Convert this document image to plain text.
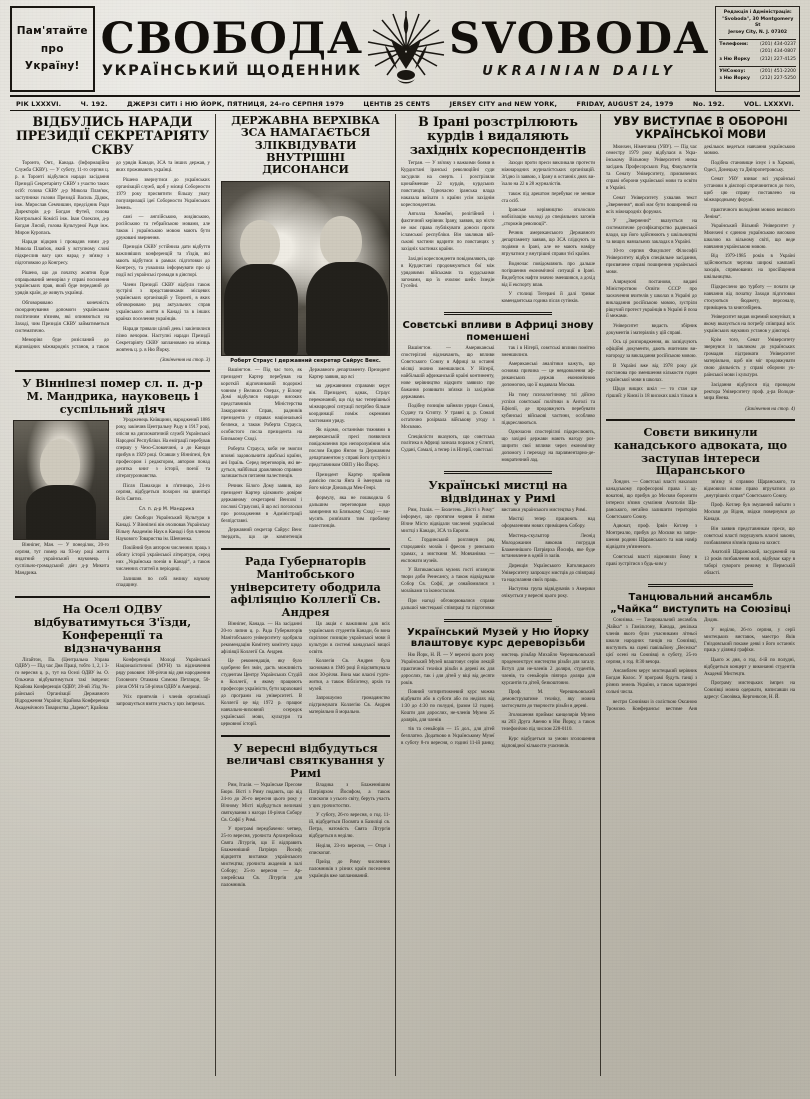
Пам'ятайте
про
Україну!
СВОБОДА
УКРАЇНСЬКИЙ ЩОДЕННИК
SVOBODA
UKRAINIAN DAILY
Редакція і Адміністрація:
"Svoboda", 30 Montgomery St
Jersey City, N. J. 07302
Телефони:	(201) 434-0237
(201) 434-0807
з Ню Йорку (212) 227-4125
УНСоюзу:	(201) 451-2200
з Ню Йорку (212) 227-5250
РІК LXXXVI.	Ч. 192.	ДЖЕРЗІ СИТІ і НЮ ЙОРК, ПЯТНИЦЯ, 24-го СЕРПНЯ 1979	ЦЕНТІВ 25 CENTS	JERSEY CITY and NEW YORK,	FRIDAY, AUGUST 24, 1979	No. 192.	VOL. LXXXVI.
ВІДБУЛИСЬ НАРАДИ ПРЕЗИДІЇ СЕКРЕТАРІЯТУ СКВУ

Торонто, Онт., Канада. (Інформаційна Служба СКВУ). — У суботу, 11-го серпня ц. р. в Торонті відбулися наради засідання Президії Секретаріяту СКВУ з участю таких осіб: голова СКВУ д-р Микола Плав'юк, заступники голови Президії Василь Дідюк, інж. Мирослав Семчишин, предсідник Ради Директорів д-р Богдан Футей, голова Контрольної Комісії інж. Іван Олексин, д-р Богдан Лисий, голова Культурної Ради інж. Мирон Куропась.

Наради відкрив і провадив ними д-р Микола Плав'юк, який у вступному слові підкреслив вагу цих нарад у зв'язку з підготовкою до Конгресу.

Рішено, що до початку жовтня буде опрацьований меморіял у справі посилення українських прав, який буде переданий до урядів країн, де живуть українці.

Обговорювано конечність скоординування допомоги українським політичним в'язням, які опиняються на Заході, чим Президія СКВУ займатиметься систематично.

Меморіял буде розісланий до відповідних міжнародніх установ, а також до урядів Канади, ЗСА та інших держав, у яких проживають українці.

Рішено звернутися до українських організацій служб, щоб у місяці Соборности 1979 року присвятити більшу увагу популяризації ідеї Соборности Українських Земель.

самі — англійською, жидівською, російською та гебрайською мовами, але також і українською мовою мають бути друковані звернення.

Президія СКВУ устійнила дати відбуття важливіших конференцій та з'їздів, які мають відбутися в рамках підготовки до Конгресу, та ухвалила інформувати про ці події всі українські громади в діяспорі.

Члени Президії СКВУ відбули також зустрічі з представниками місцевих українських організацій у Торонті, в яких обговорювано ряд актуальних справ українського життя в Канаді та в інших країнах поселення українців.

Наради тривали цілий день і закінчилися пізно вечором. Наступні наради Президії Секретаріяту СКВУ заплановано на місяць жовтень ц. р. в Ню Йорку.

(Закінчення на стор. 3)

У Вінніпезі помер сл. п. д-р М. Мандрика, науковець і суспільний діяч

Вінніпег, Ман. — У понеділок, 20-го серпня, тут помер на 93-му році життя видатний український науковець і суспільно-громадський діяч д-р Микита Мандрика.

Уродженець Київщини, народжений 1886 року, закінчив Центральну Раду в 1917 році, опісля на дипломатичній службі Української Народної Республіки. На еміграції перебував спершу у Чехо-Словаччині, а до Канади прибув в 1929 році. Осавши у Вінніпезі, був професором і редактором, автором понад десятка книг з історії, поезії та літературознавства.

Після Панахиди в п'ятницю, 24-го серпня, відбудеться похорон на цвинтарі Всіх Святих.

Сл. п. д-р М. Мандрика

діяч Свободи Український Культури в Канаді. У Вінніпезі він очолював Українську Вільну Академію Наук в Канаді і був членом Наукового Товариства ім. Шевченка.

Покійний був автором численних праць з обсягу історії української літератури, серед них „Українська поезія в Канаді“, а також численних статтей в періодиці.

Залишив по собі велику наукову спадщину.

На Оселі ОДВУ відбуватимуться З'їзди, Конференції та відзначування

Лігайтон, Па. (Центральна Управа ОДВУ) — Під час Дня Праці, тобто 1, 2, і 3-го вересня ц. р., тут на Оселі ОДВУ ім. О. Ольжича відбуватимуться такі імпрези: Крайова Конференція ОДВУ; 28-ий З'їзд Української Організації Державного Відродження України; Крайова Конференція Академічного Товариства „Зарево“; Крайова

Конференція Молоді Української Націоналістичної (МУН) та відзначення ряду роковин: 100-річчя від дня народження Головного Отамана Симона Петлюри, 50-річчя ОУН та 50-річчя ОДВУ в Америці.

Усіх приятелів і членів організації запрошується взяти участь у цих імпрезах.

ДЕРЖАВНА ВЕРХІВКА ЗСА НАМАГАЄТЬСЯ ЗЛІКВІДУВАТИ ВНУТРІШНІ ДИСОНАНСИ
Роберт Страус і державний секретар Сайрус Венс.

Вашінгтон. — Під час того, як президент Картер перебував на короткій відпочинковій подорожі човном у Великих Озерах, у Білому Домі відбулися наради високих представників Міністерства Закордонних Справ, радників президента у справах національної безпеки, а також Роберта Страуса, особистого посла президента на Близькому Сході.

Роберта Страуса, коби не змогли вповні задовольнити арабські країни, ані Ізраїль. Серед переговорів, які ведуться, найбільш дражливою справою залишається питання палестинців.

Речник Білого Дому заявив, що президент Картер цілковито довіряє державному секретареві Венсові і послові Страусові, й що всі поголоски про розходження в Адміністрації безпідставні.

Державний секретар Сайрус Венс твердить, що це компетенція Державного департаменту. Президент Картер заявив, що всі

ма державними справами керує він. Президент, однак, Страус переконаний, що під час теперішньої міжнародної ситуації потрібно більше координації поміж окремими частинами уряду.

Як відомо, останніми тижнями в американській пресі появилися повідомлення про непорозуміння між послом Ендрю Янґом та Державним департаментом у справі його зустрічі з представником ОВП у Ню Йорку.

Президент Картер прийняв димісію посла Янґа й іменував на його місце Дональда Мек-Генрі.

формулу, яка не пошкодила б дальшим переговорам щодо замирення на Близькому Сході — вимусять розв'язати тим проблему палестинців.

Рада Губернаторів Манітобського університету ободрила афіліяцію Коллегії Св. Андрея

Вінніпег, Канада. — На засіданні 20-го липня ц. р. Рада Губернаторів Манітобського університету одобрила рекомендацію Комітету комітету щодо афіліяції Коллегії Св. Андрея.

Це рекомендація, яку було одобрено без змін, дасть можливість студентам Центру Українських Студій в Коллегії, в якому працюють професори україністи, бути зараховані до програми на університеті. В Коллегії це від 1972 р. працює навчально-виховний осередок української мови, культури та церковної історії.

Ця акція є важливим для всіх українських студентів Канади, бо вона скріплює позицію української мови й культури в системі канадської вищої освіти.

Коллегія Св. Андрея була заснована в 1946 році й відсвяткувала своє 30-річчя. Вона має власні гуртожитки, а також бібліотеку, архів та музей.

Запрошуємо громадянство підтримувати Коллегію Св. Андрея матеріяльно й морально.

У вересні відбудуться величаві святкування у Римі

Рим, Італія. — Українське Пресове Бюро. Вісті з Риму подають, що від 24-го до 26-го вересня цього року у Вічному Місті відбудуться величаві святкування з нагоди 10-річчя Собору Св. Софії у Римі.

У програмі передбачено: четвер, 25-го вересня, урочиста Архиєрейська Свята Літургія, що її відправить Блаженніший Патріярх Йосиф; відкриття виставки українського мистецтва; урочиста академія в залі Собору; 25-го вересня — Архиєрейська Св. Літургія для паломників.

Владика з Блаженнішим Патріярхом Йосифом, а також єпископи з усього світу, беруть участь у цих урочистостях.

У суботу, 26-го вересня, о год. 11-ій, відбудеться Посвята в Базиліці св. Петра, натомість Свята Літургія відбудеться в неділю.

Неділя, 23-го вересня, — Отця і єпископат.

Приїзд до Риму численних паломників з різних країн поселення українців вже запланований.

В Ірані розстрілюють курдів і видаляють західніх кореспондентів

Тегран. — У зв'язку з важкими боями в Курдистані іранські революційні суди засудили на смерть і розстріляли щонайменше 22 курдів, курдських повстанців. Одночасно іранська влада наказала виїхати з країни усім західнім кореспондентам.

Аятолла Хомейні, релігійний і фактичний керівник Ірану, заявив, що ніхто не має права публікувати доноси проти ісламської республіки. Він закликав військові частини вдарити по повстанцях у західніх частинах країни.

Західні кореспонденти повідомляють, що в Курдистані продовжуються бої між урядовими військами та курдськими загонами, що їх очолює шейх Іззедін Гусейні.

Заходи проти преси викликали протести міжнародних журналістських організацій. Згідно із заявою, з Ірану в останніх днях виїхало на 22 в 28 журналістів.

також під арештом перебуває не менше ста осіб.

Іранське керівництво оголосило мобілізацію молоді до спеціяльних загонів „сторожів революції“.

Речник американського Державного департаменту заявив, що ЗСА слідкують за подіями в Ірані, але не мають наміру втручатися у внутрішні справи тієї країни.

Водночас повідомляють про дальше погіршення економічної ситуації в Ірані. Видобуток нафти значно зменшився, а дохід від її експорту впав.

У столиці Тегерані й далі триває комендантська година після сутінків.

Совєтські впливи в Африці знову поменшені

Вашінгтон. — Американські спостерігачі відзначають, що впливи Совєтського Союзу в Африці за останні місяці значно зменшилися. У Нігерії, найбільшій африканській країні континенту, нове керівництво відкрито заявило про бажання розвивати зв'язки із західніми державами.

Подібну позицію зайняли уряди Сомалі, Судану та Єгипту. У травні ц. р. Сомалі остаточно розірвала військову угоду з Москвою.

Спеціялісти вказують, що совєтська політика в Африці зазнала поразок у Єгипті, Судані, Сомалі, а тепер і в Нігерії, совєтські

так і в Нігерії, совєтські впливи помітно зменшилися.

Американські аналітики кажуть, що основна причина — це невдоволення африканських держав економічною допомогою, що її надавала Москва.

На тому психологічному тлі дійсно успіхи совєтської політики в Анголі та Ефіопії, де продовжують перебувати кубинські військові частини, особливо підкреслюються.

Одночасно спостерігачі підкреслюють, що західні держави мають нагоду розширити свої впливи через економічну допомогу і переходу на парляментарно-демократичний лад.

Українські мистці на відвідинах у Римі

Рим, Італія. — Бюлетень „Вісті з Риму“ інформує, що протягом червня й липня Вічне Місто відвідали численні українські мистці з Канади, ЗСА та Европи.

С. Гординський розглянув ряд стародавніх мозаїк і фресок у римських храмах, а мисткиня М. Мовчанівна — експонати музеїв.

У Ватиканських музеях гості оглянули твори доби Ренесансу, а також відвідували Собор Св. Софії, де ознайомилися з мозаїками та іконостасом.

При нагоді обговорювалися справи дальшої мистецької співпраці та підготовки виставки українського мистецтва у Римі.

Мистці тепер працюють над оформленням нових приміщень Собору.

Мистець-скульптор Леонід Молодожанин виконав погруддя Блаженнішого Патріярха Йосифа, яке буде встановлене в одній із залів.

Дирекція Українського Католицького Університету запрошує мистців до співпраці та надсилання своїх праць.

Наступна група відвідувачів з Америки очікується у вересні цього року.

Український Музей у Ню Йорку влаштовує курс дереворізьби

Ню Йорк, Н. Й. — У вересні цього року Український Музей влаштовує серію лекцій практичної техніки різьби в дереві як для дорослих, так і для дітей у віці від десяти років.

Повний чотиритижневий курс можна відбувати або в суботи або по неділях від 1:30 до 4:30 по полудні, (разом 12 годин). Кошти для дорослих, не-членів Музею 25 долярів, для членів

тів та сеньйорів — 15 дол., для дітей безплатно. Додатково в Українському Музеї в суботу 8-го вересня, о годині 11-ій ранку, мистець різьбар Михайло Черешньовський продемонструє мистецтво різьби для загалу. Вступ для не-членів 2 доляри, студентів, членів, та сеньйорів півтора доляра для курсантів та дітей, безкоштовно.

Проф. М. Черешньовський демонструватиме техніку, яку можна застосувати до творчости різьби в дереві.

Зголошення приймає канцелярія Музею на 203 Друга Авеню в Ню Йорку, а також телефонічно під числом 228-0110.

Курс відбудеться за умови зголошення відповідної кількости учасників.

УВУ ВИСТУПАЄ В ОБОРОНІ УКРАЇНСЬКОЇ МОВИ

Мюнхен, Німеччина (УВУ). — Під час семестру 1979 року відбулася в Українському Вільному Університеті низка засідань Професорських Рад, Факультетів та Сенату Університету, присвячених справі оборони української мови та освіти в Україні.

Сенат Університету ухвалив текст „Звернення“, який має бути поширений на всіх міжнародніх форумах.

У „Зверненні“ вказується на систематичне русифікаторство радянської влади, що його здійснюють у шкільництві та вищих навчальних закладах в Україні.

10-го серпня Факультет Філософії Університету відбув спеціяльне засідання, присвячене справі поширення української мови.

Алярмуючі постанови, видані Міністерством Освіти СССР про заохочення вчителів у школах в Україні до викладання російською мовою, зустріли рішучий протест українців в Україні й поза її межами.

Університет видасть збірник документів і матеріялів у цій справі.

Ось ці розпорядження, як засвідчують офіційні документи, дають вчителям винагороду за викладання російською мовою.

В Україні вже від 1978 року діє постанова про зменшення кількости годин української мови в школах.

Щодо вищих шкіл — то стан ще гірший: у Києві із 18 високих шкіл тільки в декількох ведеться навчання українською мовою.

Подібна становище існує і в Харкові, Одесі, Донецьку та Дніпропетровську.

Сенат УВУ взиває всі українські установи в діяспорі спричинитися до того, щоб цю справу поставлено на міжнародньому форумі.

практичного володіння мовою великого Леніна“.

Український Вільний Університет у Мюнхені є єдиною українською високою школою на вільному світі, що веде навчання українською мовою.

Від 1979-1985 років в Україні здійснюється чергова широкі кампанії заходів, спрямованих на зросійщення шкільництва.

Підкреслено цю турботу — почати це навчання від початку Заходи підготовки стосуються бюджету, персоналу, приміщень та книгозбірень.

Університет видав окремий комунікат, в якому вказується на потребу співпраці всіх українських наукових установ у діяспорі.

Крім того, Сенат Університету звернувся із закликом до українських громадян підтримати Університет матеріяльно, щоб він міг продовжувати свою діяльність у справі оборони української мови і культури.

Засідання відбулося під проводом ректора Університету проф. д-ра Володимира Янева.

(Закінчення на стор. 4)

Совєти викинули канадського адвоката, що заступав інтереси Щаранського

Лондон. — Совєтські власті наказали канадському професорові права і адвокатові, що прибув до Москви боронити інтереси в'язня сумління Анатолія Щаранського, негайно залишити територію Совєтського Союзу.

Адвокат, проф. Ірвін Котлер з Монтреалю, прибув до Москви на запрошення родини Щаранського та мав намір відвідати ув'язненого.

Совєтські власті відмовили йому в праві зустрітися з будь-ким у

зв'язку зі справою Щаранського, та відмовили всяке право втручатися до „внутрішніх справ“ Совєтського Союзу.

Проф. Котлер був змушений виїхати з Москви до Відня, звідки повернувся до Канади.

Він заявив представникам преси, що совєтські власті порушують власні закони, позбавляючи в'язнів права на захист.

Анатолій Щаранський, засуджений на 13 років позбавлення волі, відбуває кару в таборі суворого режиму в Пермській області.

Танцювальний ансамбль „Чайка“ виступить на Союзівці

Союзівка. — Танцювальний ансамбль „Чайка“ з Гамільтону, Канада, декілька членів якого були учасниками літньої школи народних танців на Союзівці, виступить на сцені павільйону „Веселка“ цієї осені на Союзівці в суботу, 25-го серпня, о год. 8:30 вечора.

Ансамблем керує мистецький керівник Богдан Колос. У програмі будуть танці з різних земель України, а також характерні сольні числа.

вестри Союзівки із солісткою Оксаною Тромсою. Конферансьє вестиме Аня Дидик.

У неділю, 26-го серпня, у серії мистецьких виставок, маестро Яків Гніздовський покаже деякі з його останніх праць у ділянці графіки.

Цього ж дня, о год. 4-ій по полудні, відбудеться концерт у виконанні студентів Академії Мистецтв.

Програму мистецьких імпрез на Союзівці можна одержати, написавши на адресу: Союзівка, Кергонксон, Н. Й.
